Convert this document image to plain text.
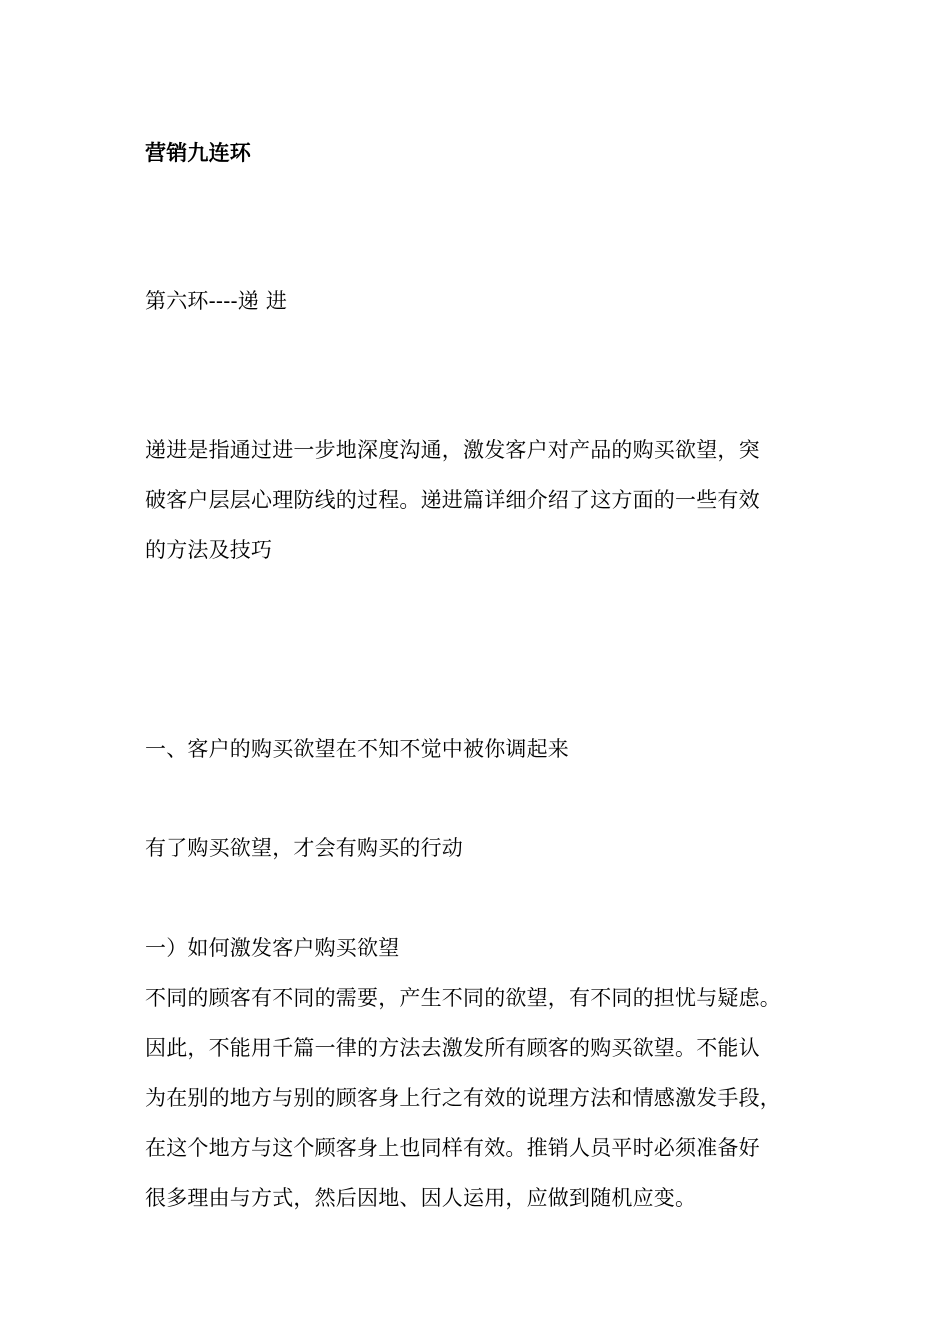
营销九连环

第六环----递 进

递进是指通过进一步地深度沟通，激发客户对产品的购买欲望，突

破客户层层心理防线的过程。递进篇详细介绍了这方面的一些有效

的方法及技巧

一、客户的购买欲望在不知不觉中被你调起来

有了购买欲望，才会有购买的行动

一）如何激发客户购买欲望

不同的顾客有不同的需要，产生不同的欲望，有不同的担忧与疑虑。

因此，不能用千篇一律的方法去激发所有顾客的购买欲望。不能认

为在别的地方与别的顾客身上行之有效的说理方法和情感激发手段，

在这个地方与这个顾客身上也同样有效。推销人员平时必须准备好

很多理由与方式，然后因地、因人运用，应做到随机应变。
